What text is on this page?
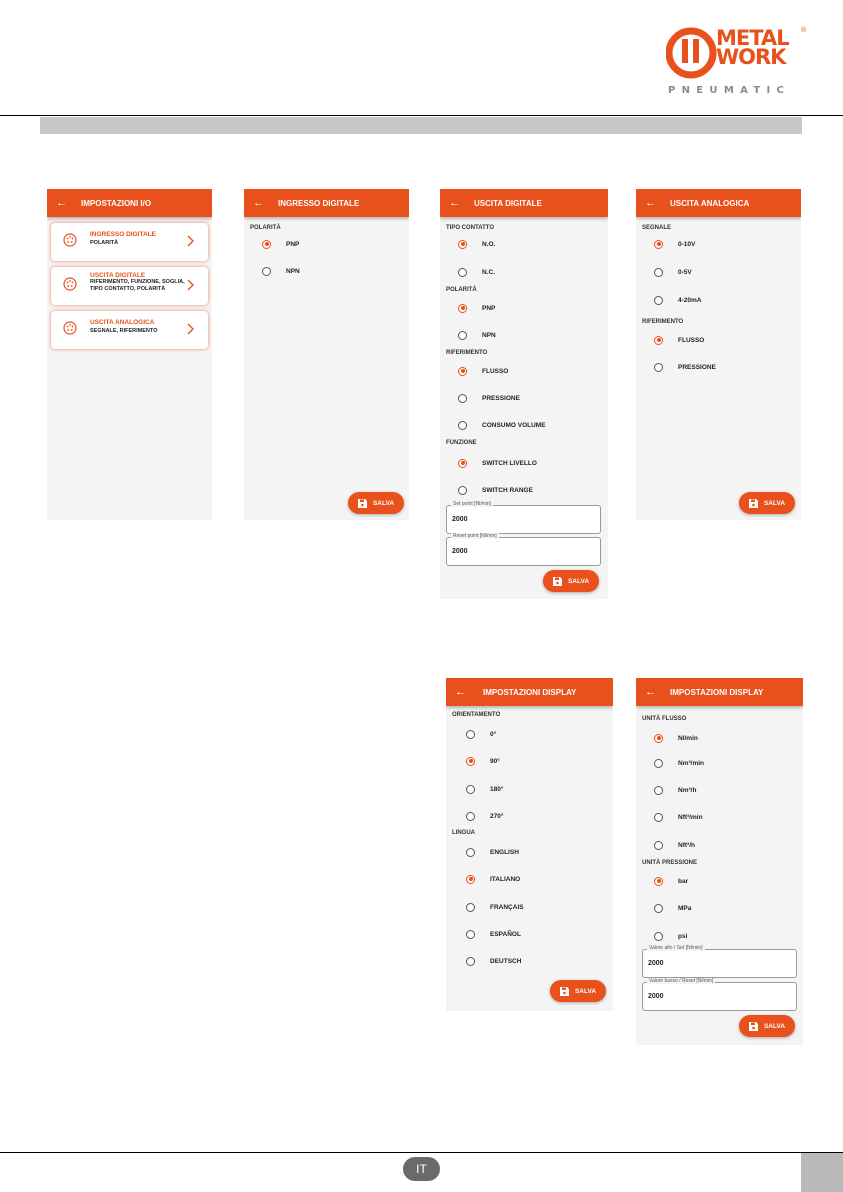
METAL
WORK
®
PNEUMATIC
← IMPOSTAZIONI I/O
INGRESSO DIGITALE
POLARITÀ
USCITA DIGITALE
RIFERIMENTO, FUNZIONE, SOGLIA, TIPO CONTATTO, POLARITÀ
USCITA ANALOGICA
SEGNALE, RIFERIMENTO
← INGRESSO DIGITALE
POLARITÀ
PNP
NPN
SALVA
← USCITA DIGITALE
TIPO CONTATTO
N.O.
N.C.
POLARITÀ
PNP
NPN
RIFERIMENTO
FLUSSO
PRESSIONE
CONSUMO VOLUME
FUNZIONE
SWITCH LIVELLO
SWITCH RANGE
Set point [Nl/min]
2000
Reset point [Nl/min]
2000
SALVA
← USCITA ANALOGICA
SEGNALE
0-10V
0-5V
4-20mA
RIFERIMENTO
FLUSSO
PRESSIONE
SALVA
← IMPOSTAZIONI DISPLAY
ORIENTAMENTO
0°
90°
180°
270°
LINGUA
ENGLISH
ITALIANO
FRANÇAIS
ESPAÑOL
DEUTSCH
SALVA
← IMPOSTAZIONI DISPLAY
UNITÀ FLUSSO
Nl/min
Nm³/min
Nm³/h
Nft³/min
Nft³/h
UNITÀ PRESSIONE
bar
MPa
psi
Valore alto / Set [Nl/min]
2000
Valore basso / Reset [Nl/min]
2000
SALVA
IT
